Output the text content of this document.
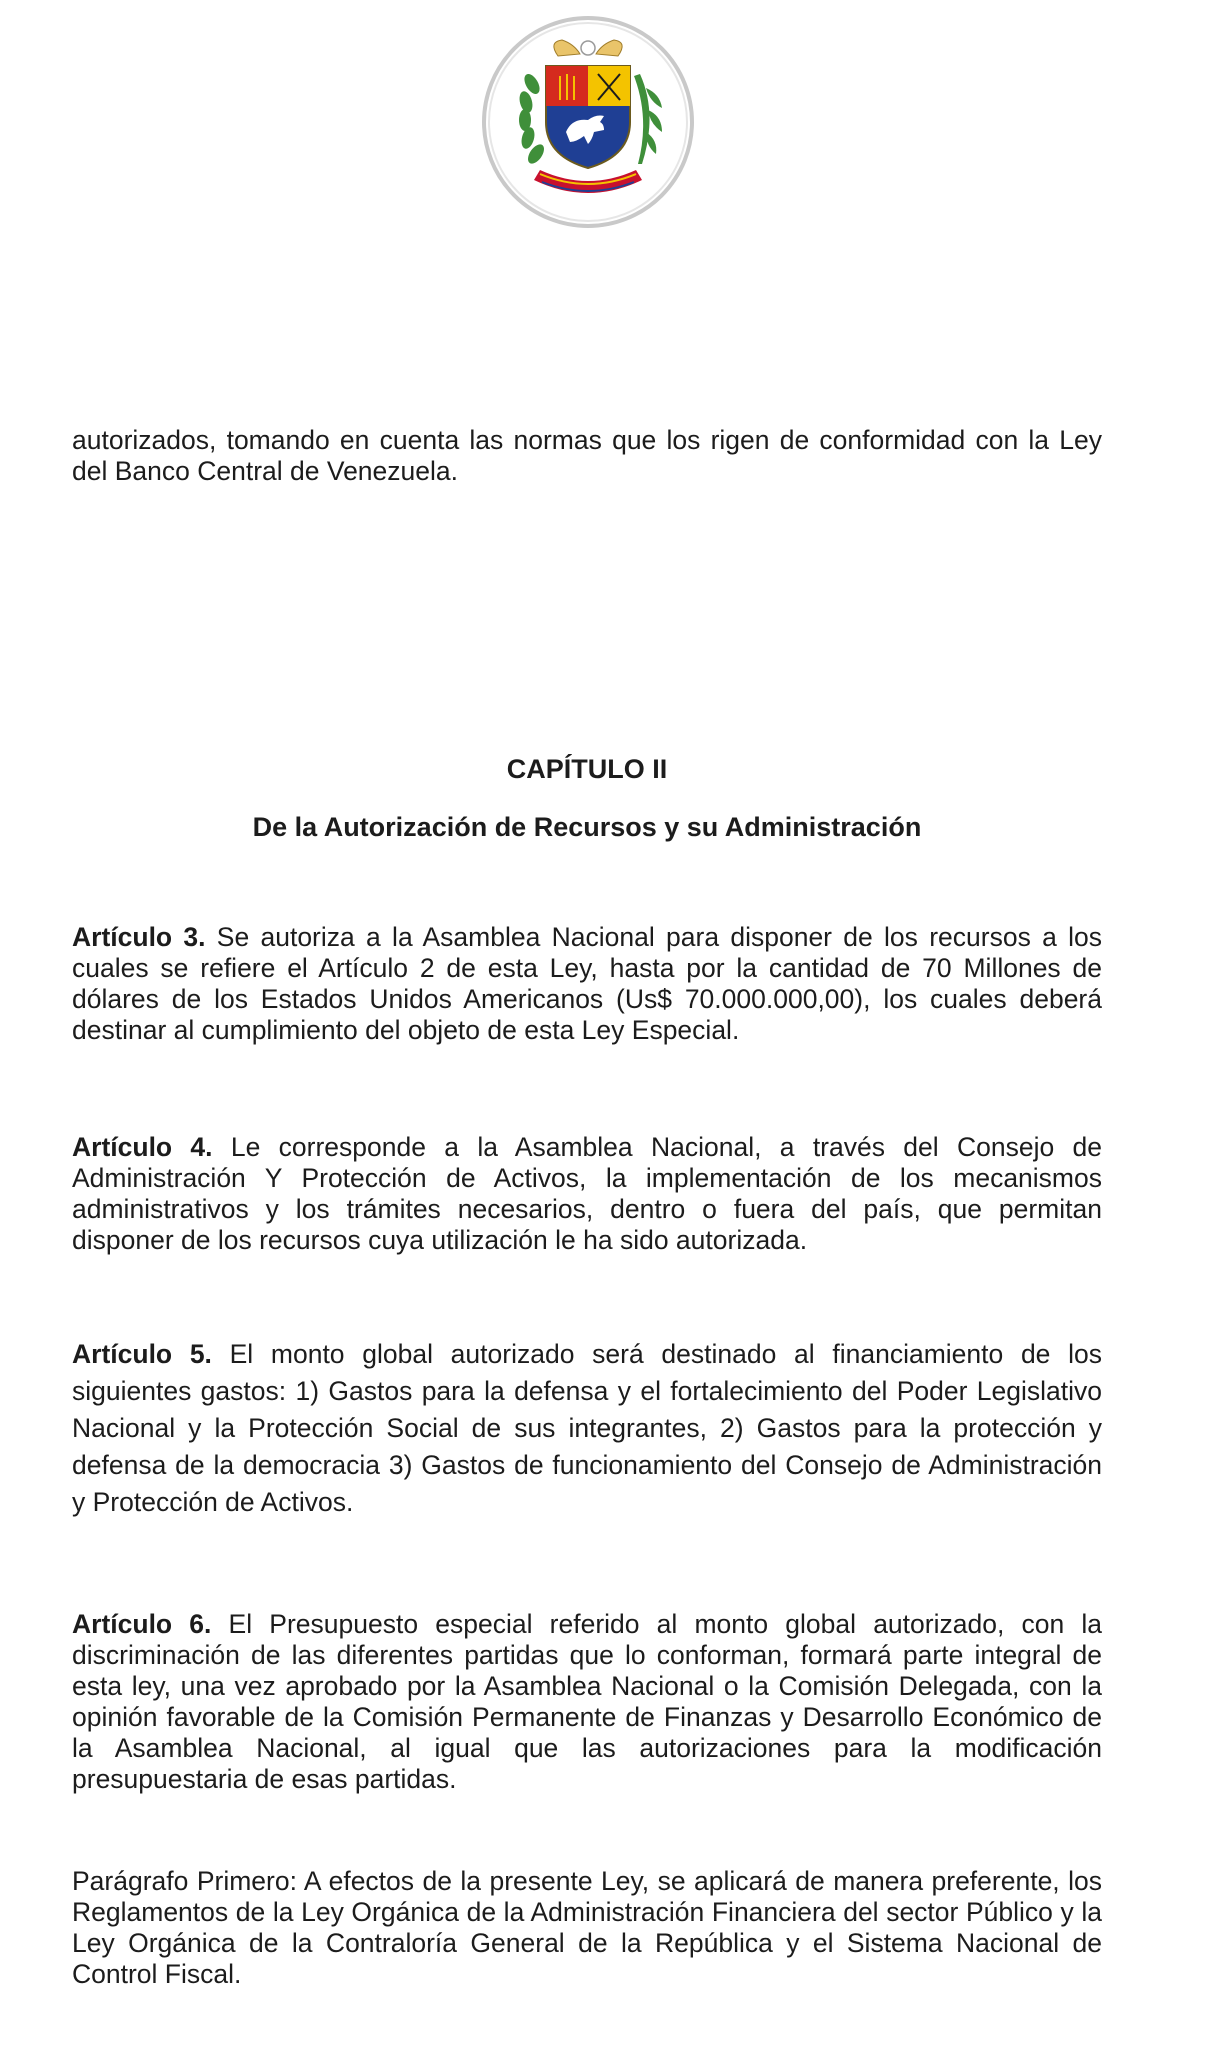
autorizados, tomando en cuenta las normas que los rigen de conformidad con la Ley del Banco Central de Venezuela.
CAPÍTULO II
De la Autorización de Recursos y su Administración
Artículo 3. Se autoriza a la Asamblea Nacional para disponer de los recursos a los cuales se refiere el Artículo 2 de esta Ley, hasta por la cantidad de 70 Millones de dólares de los Estados Unidos Americanos (Us$ 70.000.000,00), los cuales deberá destinar al cumplimiento del objeto de esta Ley Especial.
Artículo 4. Le corresponde a la Asamblea Nacional, a través del Consejo de Administración Y Protección de Activos, la implementación de los mecanismos administrativos y los trámites necesarios, dentro o fuera del país, que permitan disponer de los recursos cuya utilización le ha sido autorizada.
Artículo 5. El monto global autorizado será destinado al financiamiento de los siguientes gastos: 1) Gastos para la defensa y el fortalecimiento del Poder Legislativo Nacional y la Protección Social de sus integrantes, 2) Gastos para la protección y defensa de la democracia 3) Gastos de funcionamiento del Consejo de Administración y Protección de Activos.
Artículo 6. El Presupuesto especial referido al monto global autorizado, con la discriminación de las diferentes partidas que lo conforman, formará parte integral de esta ley, una vez aprobado por la Asamblea Nacional o la Comisión Delegada, con la opinión favorable de la Comisión Permanente de Finanzas y Desarrollo Económico de la Asamblea Nacional, al igual que las autorizaciones para la modificación presupuestaria de esas partidas.
Parágrafo Primero: A efectos de la presente Ley, se aplicará de manera preferente, los Reglamentos de la Ley Orgánica de la Administración Financiera del sector Público y la Ley Orgánica de la Contraloría General de la República y el Sistema Nacional de Control Fiscal.
